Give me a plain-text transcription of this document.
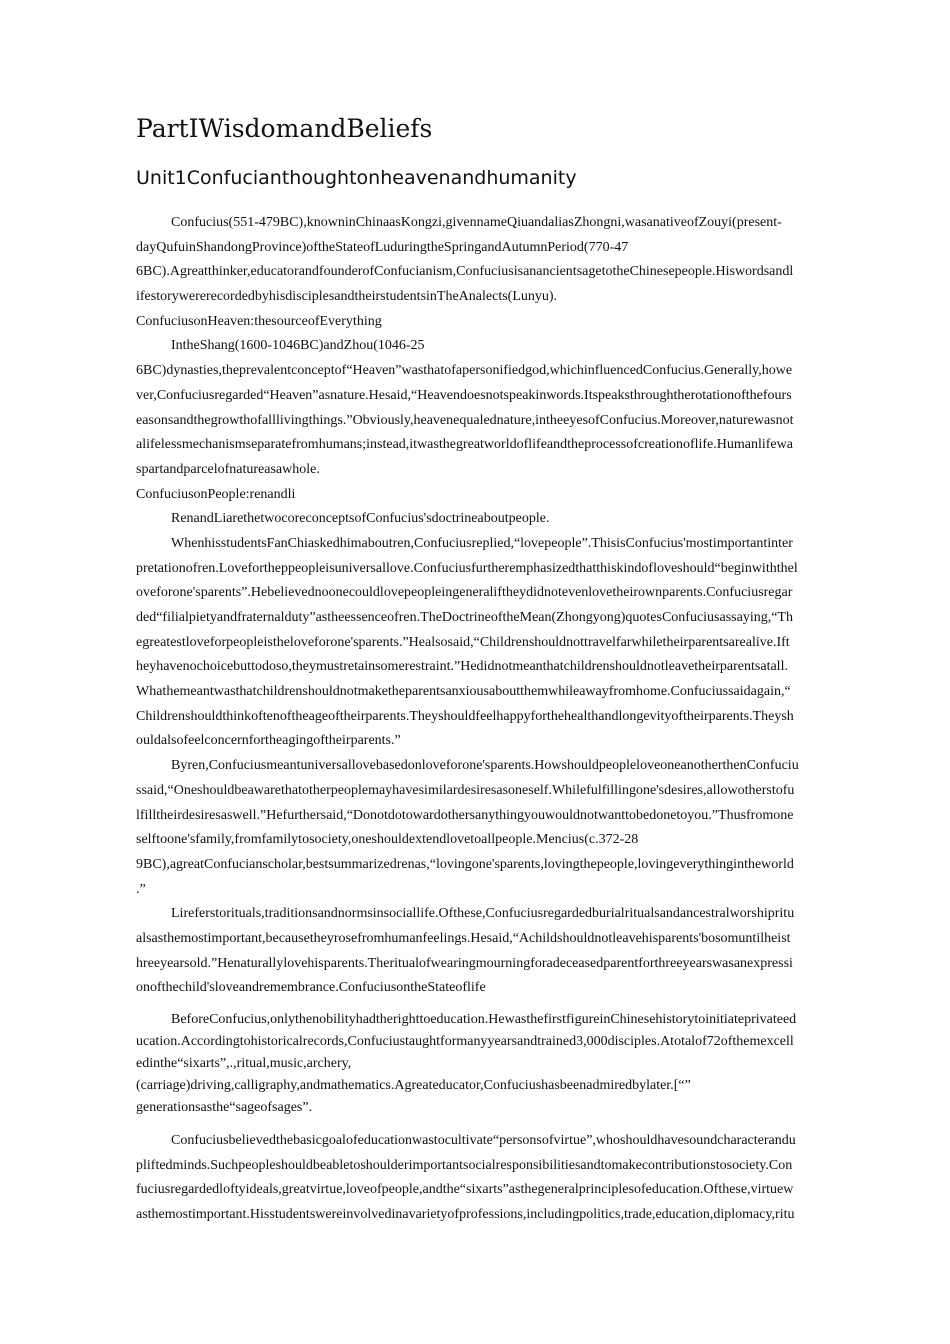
PartIWisdomandBeliefs
Unit1Confucianthoughtonheavenandhumanity

Confucius(551-479BC),knowninChinaasKongzi,givennameQiuandaliasZhongni,wasanativeofZouyi(present-
dayQufuinShandongProvince)oftheStateofLuduringtheSpringandAutumnPeriod(770-47
6BC).Agreatthinker,educatorandfounderofConfucianism,ConfuciusisanancientsagetotheChinesepeople.Hiswordsandl
ifestorywererecordedbyhisdisciplesandtheirstudentsinTheAnalects(Lunyu).

ConfuciusonHeaven:thesourceofEverything

IntheShang(1600-1046BC)andZhou(1046-25
6BC)dynasties,theprevalentconceptof“Heaven”wasthatofapersonifiedgod,whichinfluencedConfucius.Generally,howe
ver,Confuciusregarded“Heaven”asnature.Hesaid,“Heavendoesnotspeakinwords.Itspeaksthroughtherotationofthefours
easonsandthegrowthofalllivingthings.”Obviously,heavenequalednature,intheeyesofConfucius.Moreover,naturewasnot
alifelessmechanismseparatefromhumans;instead,itwasthegreatworldoflifeandtheprocessofcreationoflife.Humanlifewa
spartandparcelofnatureasawhole.

ConfuciusonPeople:renandli

RenandLiarethetwocoreconceptsofConfucius'sdoctrineaboutpeople.

WhenhisstudentsFanChiaskedhimaboutren,Confuciusreplied,“lovepeople”.ThisisConfucius'mostimportantinter
pretationofren.Lovefortheppeopleisuniversallove.Confuciusfurtheremphasizedthatthiskindofloveshould“beginwiththel
oveforone'sparents”.Hebelievednoonecouldlovepeopleingeneraliftheydidnotevenlovetheirownparents.Confuciusregar
ded“filialpietyandfraternalduty”astheessenceofren.TheDoctrineoftheMean(Zhongyong)quotesConfuciusassaying,“Th
egreatestloveforpeopleistheloveforone'sparents.”Healsosaid,“Childrenshouldnottravelfarwhiletheirparentsarealive.Ift
heyhavenochoicebuttodoso,theymustretainsomerestraint.”Hedidnotmeanthatchildrenshouldnotleavetheirparentsatall.
Whathemeantwasthatchildrenshouldnotmaketheparentsanxiousaboutthemwhileawayfromhome.Confuciussaidagain,“
Childrenshouldthinkoftenoftheageoftheirparents.Theyshouldfeelhappyforthehealthandlongevityoftheirparents.Theysh
ouldalsofeelconcernfortheagingoftheirparents.”

Byren,Confuciusmeantuniversallovebasedonloveforone'sparents.HowshouldpeopleloveoneanotherthenConfuciu
ssaid,“Oneshouldbeawarethatotherpeoplemayhavesimilardesiresasoneself.Whilefulfillingone'sdesires,allowotherstofu
lfilltheirdesiresaswell.”Hefurthersaid,“Donotdotowardothersanythingyouwouldnotwanttobedonetoyou.”Thusfromone
selftoone'sfamily,fromfamilytosociety,oneshouldextendlovetoallpeople.Mencius(c.372-28
9BC),agreatConfucianscholar,bestsummarizedrenas,“lovingone'sparents,lovingthepeople,lovingeverythingintheworld
.”

Lireferstorituals,traditionsandnormsinsociallife.Ofthese,Confuciusregardedburialritualsandancestralworshipritu
alsasthemostimportant,becausetheyrosefromhumanfeelings.Hesaid,“Achildshouldnotleavehisparents'bosomuntilheist
hreeyearsold.”Henaturallylovehisparents.Theritualofwearingmourningforadeceasedparentforthreeyearswasanexpressi
onofthechild'sloveandremembrance.ConfuciusontheStateoflife

BeforeConfucius,onlythenobilityhadtherighttoeducation.HewasthefirstfigureinChinesehistorytoinitiateprivateed
ucation.Accordingtohistoricalrecords,Confuciustaughtformanyyearsandtrained3,000disciples.Atotalof72ofthemexcell
edinthe“sixarts”,.,ritual,music,archery,
(carriage)driving,calligraphy,andmathematics.Agreateducator,Confuciushasbeenadmiredbylater.[“”
generationsasthe“sageofsages”.

Confuciusbelievedthebasicgoalofeducationwastocultivate“personsofvirtue”,whoshouldhavesoundcharacterandu
pliftedminds.Suchpeopleshouldbeabletoshoulderimportantsocialresponsibilitiesandtomakecontributionstosociety.Con
fuciusregardedloftyideals,greatvirtue,loveofpeople,andthe“sixarts”asthegeneralprinciplesofeducation.Ofthese,virtuew
asthemostimportant.Hisstudentswereinvolvedinavarietyofprofessions,includingpolitics,trade,education,diplomacy,ritu
